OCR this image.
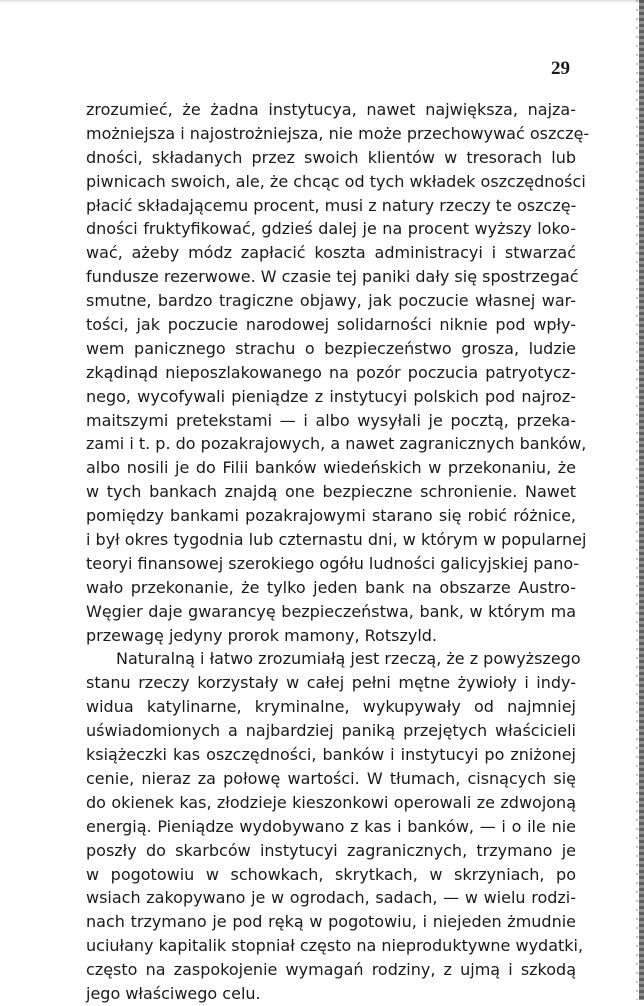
29
zrozumieć, że żadna instytucya, nawet największa, najza-
możniejsza i najostrożniejsza, nie może przechowywać oszczę-
dności, składanych przez swoich klientów w tresorach lub
piwnicach swoich, ale, że chcąc od tych wkładek oszczędności
płacić składającemu procent, musi z natury rzeczy te oszczę-
dności fruktyfikować, gdzieś dalej je na procent wyższy loko-
wać, ażeby módz zapłacić koszta administracyi i stwarzać
fundusze rezerwowe. W czasie tej paniki dały się spostrzegać
smutne, bardzo tragiczne objawy, jak poczucie własnej war-
tości, jak poczucie narodowej solidarności niknie pod wpły-
wem panicznego strachu o bezpieczeństwo grosza, ludzie
zkądinąd nieposzlakowanego na pozór poczucia patryotycz-
nego, wycofywali pieniądze z instytucyi polskich pod najroz-
maitszymi pretekstami — i albo wysyłali je pocztą, przeka-
zami i t. p. do pozakrajowych, a nawet zagranicznych banków,
albo nosili je do Filii banków wiedeńskich w przekonaniu, że
w tych bankach znajdą one bezpieczne schronienie. Nawet
pomiędzy bankami pozakrajowymi starano się robić różnice,
i był okres tygodnia lub czternastu dni, w którym w popularnej
teoryi finansowej szerokiego ogółu ludności galicyjskiej pano-
wało przekonanie, że tylko jeden bank na obszarze Austro-
Węgier daje gwarancyę bezpieczeństwa, bank, w którym ma
przewagę jedyny prorok mamony, Rotszyld.
Naturalną i łatwo zrozumiałą jest rzeczą, że z powyższego
stanu rzeczy korzystały w całej pełni mętne żywioły i indy-
widua katylinarne, kryminalne, wykupywały od najmniej
uświadomionych a najbardziej paniką przejętych właścicieli
książeczki kas oszczędności, banków i instytucyi po zniżonej
cenie, nieraz za połowę wartości. W tłumach, cisnących się
do okienek kas, złodzieje kieszonkowi operowali ze zdwojoną
energią. Pieniądze wydobywano z kas i banków, — i o ile nie
poszły do skarbców instytucyi zagranicznych, trzymano je
w pogotowiu w schowkach, skrytkach, w skrzyniach, po
wsiach zakopywano je w ogrodach, sadach, — w wielu rodzi-
nach trzymano je pod ręką w pogotowiu, i niejeden żmudnie
uciułany kapitalik stopniał często na nieproduktywne wydatki,
często na zaspokojenie wymagań rodziny, z ujmą i szkodą
jego właściwego celu.
